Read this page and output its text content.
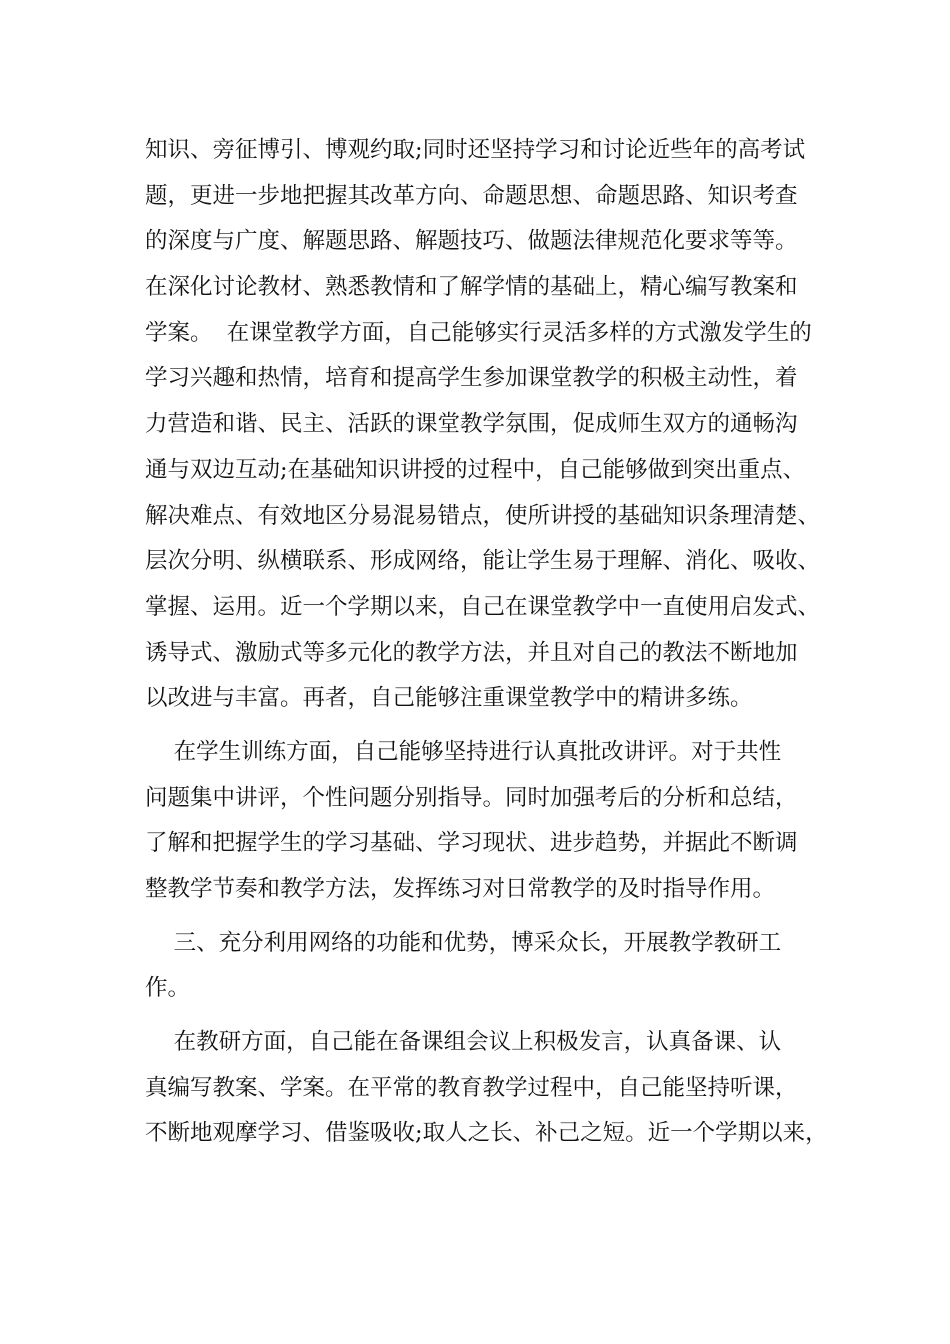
知识、旁征博引、博观约取;同时还坚持学习和讨论近些年的高考试
题，更进一步地把握其改革方向、命题思想、命题思路、知识考查
的深度与广度、解题思路、解题技巧、做题法律规范化要求等等。
在深化讨论教材、熟悉教情和了解学情的基础上，精心编写教案和
学案。  在课堂教学方面，自己能够实行灵活多样的方式激发学生的
学习兴趣和热情，培育和提高学生参加课堂教学的积极主动性，着
力营造和谐、民主、活跃的课堂教学氛围，促成师生双方的通畅沟
通与双边互动;在基础知识讲授的过程中，自己能够做到突出重点、
解决难点、有效地区分易混易错点，使所讲授的基础知识条理清楚、
层次分明、纵横联系、形成网络，能让学生易于理解、消化、吸收、
掌握、运用。近一个学期以来，自己在课堂教学中一直使用启发式、
诱导式、激励式等多元化的教学方法，并且对自己的教法不断地加
以改进与丰富。再者，自己能够注重课堂教学中的精讲多练。
在学生训练方面，自己能够坚持进行认真批改讲评。对于共性
问题集中讲评，个性问题分别指导。同时加强考后的分析和总结，
了解和把握学生的学习基础、学习现状、进步趋势，并据此不断调
整教学节奏和教学方法，发挥练习对日常教学的及时指导作用。
三、充分利用网络的功能和优势，博采众长，开展教学教研工
作。
在教研方面，自己能在备课组会议上积极发言，认真备课、认
真编写教案、学案。在平常的教育教学过程中，自己能坚持听课，
不断地观摩学习、借鉴吸收;取人之长、补己之短。近一个学期以来，
